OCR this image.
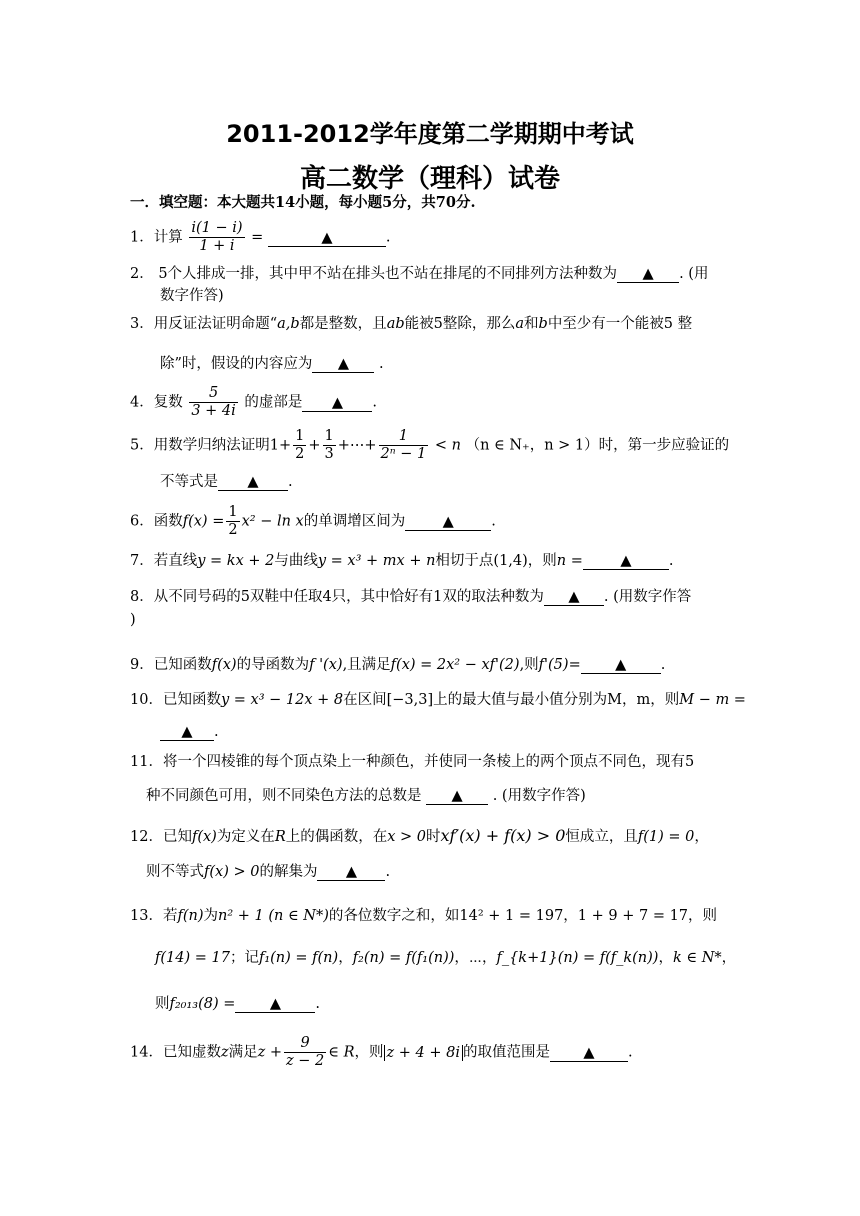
2011-2012学年度第二学期期中考试
高二数学（理科）试卷
一．填空题：本大题共14小题，每小题5分，共70分.
1．计算 $\frac{i(1 - i)}{1 + i}$ =	▲	.
2． 5个人排成一排，其中甲不站在排头也不站在排尾的不同排列方法种数为 ▲ . (用
数字作答)
3．用反证法证明命题“a,b都是整数，且ab能被5整除，那么a和b中至少有一个能被5 整
除”时，假设的内容应为 ▲ .
4．复数 $\frac{5}{3 + 4i}$ 的虚部是 ▲ .
5．用数学归纳法证明$1+ \frac{1}{2} + \frac{1}{3}$ +⋯+ $\frac{1}{\text{2ⁿ − 1}} < n$ （n ∈ N₊，n > 1）时，第一步应验证的
不等式是 ▲ .
6．函数$f(x) = \frac{1}{2} x^2 - \ln x$的单调增区间为	▲	.
7．若直线y = kx + 2与曲线y = x³ + mx + n相切于点(1,4)，则n =	▲	.
8．从不同号码的5双鞋中任取4只，其中恰好有1双的取法种数为 ▲ . (用数字作答
)
9．已知函数f(x)的导函数为f '(x),且满足f(x) = 2x² − xf'(2),则f'(5)= ▲ .
10．已知函数y = x³ − 12x + 8在区间[−3,3]上的最大值与最小值分别为M，m，则M − m =
▲ .
11．将一个四棱锥的每个顶点染上一种颜色，并使同一条棱上的两个顶点不同色，现有5
种不同颜色可用，则不同染色方法的总数是 ▲ . (用数字作答)
12．已知f(x)为定义在R上的偶函数，在x > 0时xf′(x) + f(x) > 0恒成立，且f(1) = 0，
则不等式f(x) > 0的解集为 ▲ .
13．若f(n)为n² + 1 (n ∈ N*)的各位数字之和，如14² + 1 = 197，1 + 9 + 7 = 17，则
f(14) = 17；记f₁(n) = f(n)，f₂(n) = f(f₁(n))，⋯，f_{k+1}(n) = f(f_k(n))，k ∈ N*，
则f₂₀₁₃(8) = ▲ .
14．已知虚数z满足$z + \frac{9}{z - 2}$ ∈ R，则 z + 4 + 8i 的取值范围是 ▲ .
